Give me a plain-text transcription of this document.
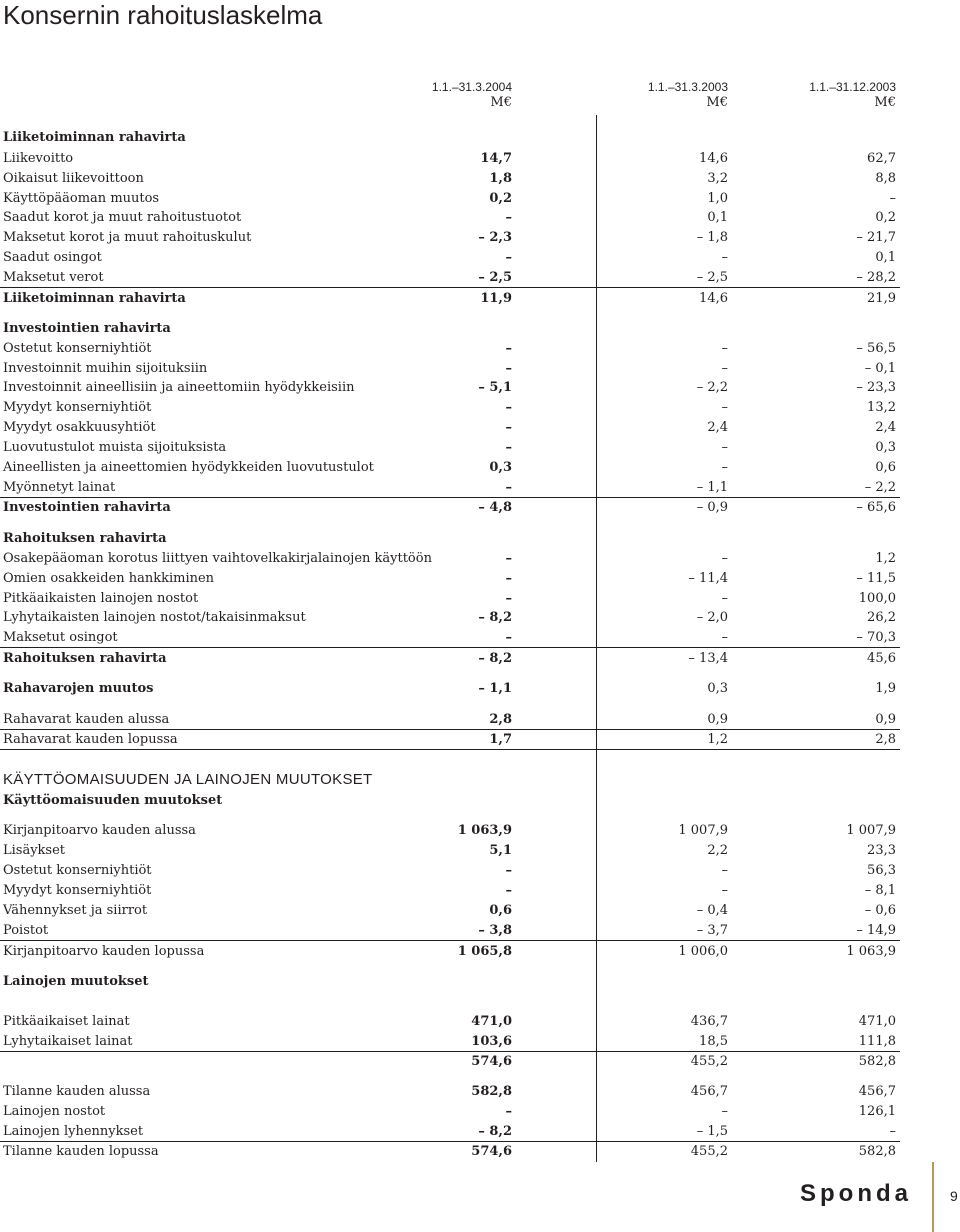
Konsernin rahoituslaskelma
1.1.–31.3.2004
M€
1.1.–31.3.2003
M€
1.1.–31.12.2003
M€
Liiketoiminnan rahavirta
Liikevoitto	14,7	14,6	62,7
Oikaisut liikevoittoon	1,8	3,2	8,8
Käyttöpääoman muutos	0,2	1,0	–
Saadut korot ja muut rahoitustuotot	–	0,1	0,2
Maksetut korot ja muut rahoituskulut	– 2,3	– 1,8	– 21,7
Saadut osingot	–	–	0,1
Maksetut verot	– 2,5	– 2,5	– 28,2
Liiketoiminnan rahavirta	11,9	14,6	21,9
Investointien rahavirta
Ostetut konserniyhtiöt	–	–	– 56,5
Investoinnit muihin sijoituksiin	–	–	– 0,1
Investoinnit aineellisiin ja aineettomiin hyödykkeisiin	– 5,1	– 2,2	– 23,3
Myydyt konserniyhtiöt	–	–	13,2
Myydyt osakkuusyhtiöt	–	2,4	2,4
Luovutustulot muista sijoituksista	–	–	0,3
Aineellisten ja aineettomien hyödykkeiden luovutustulot	0,3	–	0,6
Myönnetyt lainat	–	– 1,1	– 2,2
Investointien rahavirta	– 4,8	– 0,9	– 65,6
Rahoituksen rahavirta
Osakepääoman korotus liittyen vaihtovelkakirjalainojen käyttöön	–	–	1,2
Omien osakkeiden hankkiminen	–	– 11,4	– 11,5
Pitkäaikaisten lainojen nostot	–	–	100,0
Lyhytaikaisten lainojen nostot/takaisinmaksut	– 8,2	– 2,0	26,2
Maksetut osingot	–	–	– 70,3
Rahoituksen rahavirta	– 8,2	– 13,4	45,6
Rahavarojen muutos	– 1,1	0,3	1,9
Rahavarat kauden alussa	2,8	0,9	0,9
Rahavarat kauden lopussa	1,7	1,2	2,8
Kirjanpitoarvo kauden alussa	1 063,9	1 007,9	1 007,9
Lisäykset	5,1	2,2	23,3
Ostetut konserniyhtiöt	–	–	56,3
Myydyt konserniyhtiöt	–	–	– 8,1
Vähennykset ja siirrot	0,6	– 0,4	– 0,6
Poistot	– 3,8	– 3,7	– 14,9
Kirjanpitoarvo kauden lopussa	1 065,8	1 006,0	1 063,9
Lainojen muutokset
Pitkäaikaiset lainat	471,0	436,7	471,0
Lyhytaikaiset lainat	103,6	18,5	111,8
574,6	455,2	582,8
Tilanne kauden alussa	582,8	456,7	456,7
Lainojen nostot	–	–	126,1
Lainojen lyhennykset	– 8,2	– 1,5	–
Tilanne kauden lopussa	574,6	455,2	582,8
KÄYTTÖOMAISUUDEN JA LAINOJEN MUUTOKSET
Käyttöomaisuuden muutokset
Sponda	9
